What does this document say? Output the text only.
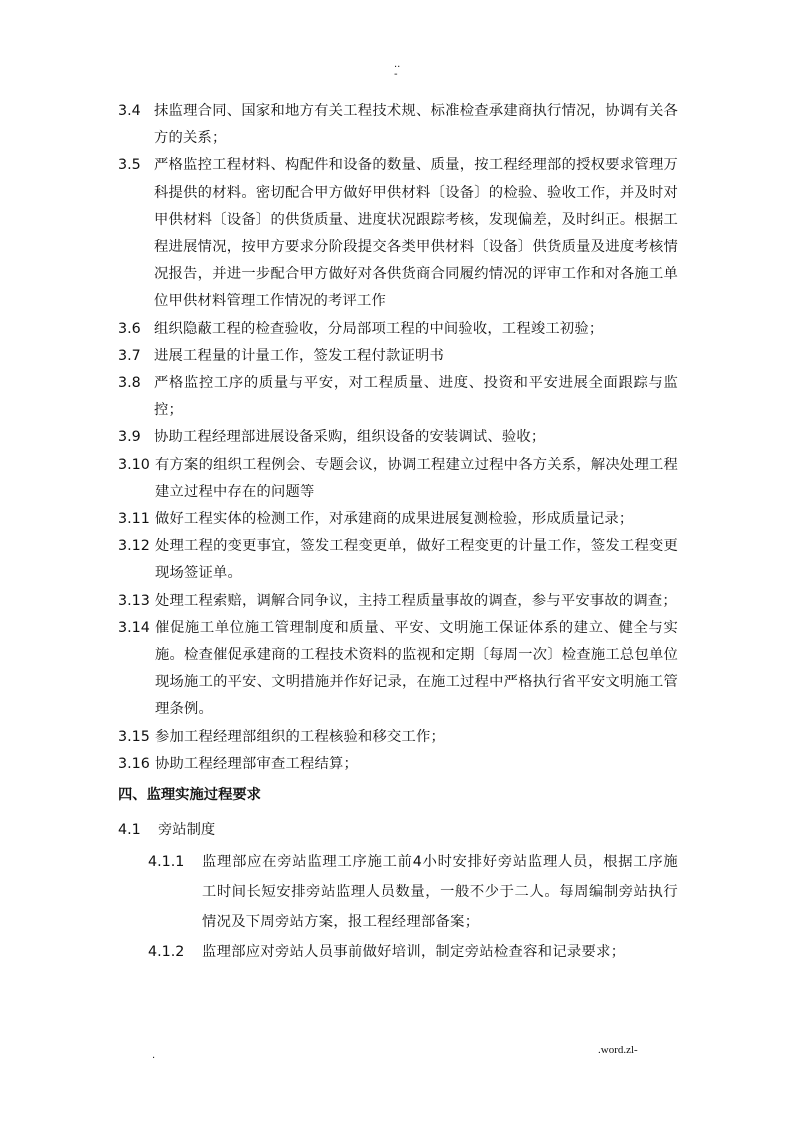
..
-
3.4 抹监理合同、国家和地方有关工程技术规、标准检查承建商执行情况，协调有关各方的关系；
3.5 严格监控工程材料、构配件和设备的数量、质量，按工程经理部的授权要求管理万科提供的材料。密切配合甲方做好甲供材料〔设备〕的检验、验收工作，并及时对甲供材料〔设备〕的供货质量、进度状况跟踪考核，发现偏差，及时纠正。根据工程进展情况，按甲方要求分阶段提交各类甲供材料〔设备〕供货质量及进度考核情况报告，并进一步配合甲方做好对各供货商合同履约情况的评审工作和对各施工单位甲供材料管理工作情况的考评工作
3.6 组织隐蔽工程的检查验收，分局部项工程的中间验收，工程竣工初验；
3.7 进展工程量的计量工作，签发工程付款证明书
3.8 严格监控工序的质量与平安，对工程质量、进度、投资和平安进展全面跟踪与监控；
3.9 协助工程经理部进展设备采购，组织设备的安装调试、验收；
3.10 有方案的组织工程例会、专题会议，协调工程建立过程中各方关系，解决处理工程建立过程中存在的问题等
3.11 做好工程实体的检测工作，对承建商的成果进展复测检验，形成质量记录；
3.12 处理工程的变更事宜，签发工程变更单，做好工程变更的计量工作，签发工程变更现场签证单。
3.13 处理工程索赔，调解合同争议，主持工程质量事故的调查，参与平安事故的调查；
3.14 催促施工单位施工管理制度和质量、平安、文明施工保证体系的建立、健全与实施。检查催促承建商的工程技术资料的监视和定期〔每周一次〕检查施工总包单位现场施工的平安、文明措施并作好记录，在施工过程中严格执行省平安文明施工管理条例。
3.15 参加工程经理部组织的工程核验和移交工作；
3.16 协助工程经理部审查工程结算；
四、监理实施过程要求
4.1	旁站制度
4.1.1	监理部应在旁站监理工序施工前4小时安排好旁站监理人员，根据工序施工时间长短安排旁站监理人员数量，一般不少于二人。每周编制旁站执行情况及下周旁站方案，报工程经理部备案；
4.1.2	监理部应对旁站人员事前做好培训，制定旁站检查容和记录要求；
.	.word.zl-
